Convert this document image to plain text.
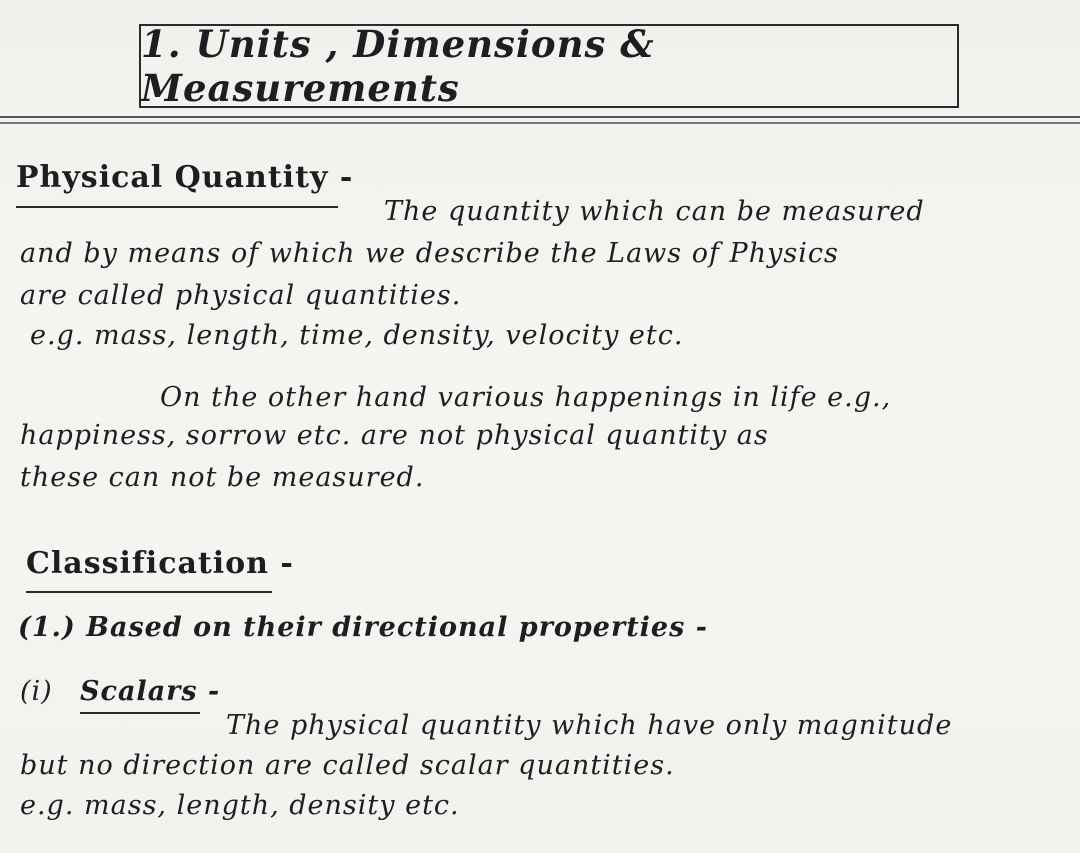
1. Units , Dimensions & Measurements
Physical Quantity -
The quantity which can be measured
and by means of which we describe the Laws of Physics
are called physical quantities.
e.g. mass, length, time, density, velocity etc.
On the other hand various happenings in life e.g.,
happiness, sorrow etc. are not physical quantity as
these can not be measured.
Classification -
(1.) Based on their directional properties -
(i) Scalars -
The physical quantity which have only magnitude
but no direction are called scalar quantities.
e.g. mass, length, density etc.
